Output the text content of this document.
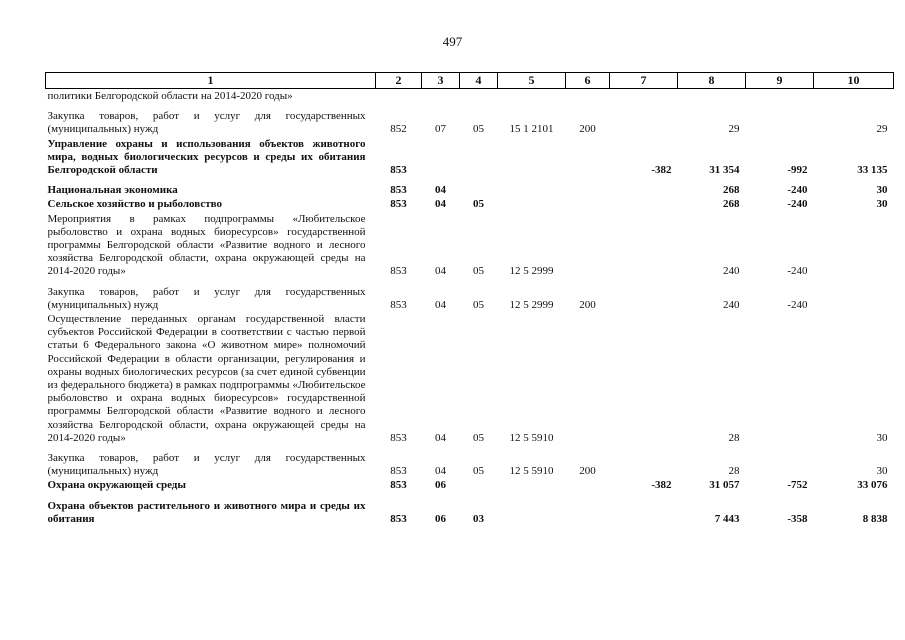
497
1	2	3	4	5	6	7	8	9	10
политики Белгородской области на 2014-2020 годы»									
Закупка товаров, работ и услуг для государственных (муниципальных) нужд	852	07	05	15 1 2101	200		29		29
Управление охраны и использования объектов животного мира, водных биологических ресурсов и среды их обитания Белгородской области	853					-382	31 354	-992	33 135
Национальная экономика	853	04					268	-240	30
Сельское хозяйство и рыболовство	853	04	05				268	-240	30
Мероприятия в рамках подпрограммы «Любительское рыболовство и охрана водных биоресурсов» государственной программы Белгородской области «Развитие водного и лесного хозяйства Белгородской области, охрана окружающей среды на 2014-2020 годы»	853	04	05	12 5 2999			240	-240	
Закупка товаров, работ и услуг для государственных (муниципальных) нужд	853	04	05	12 5 2999	200		240	-240	
Осуществление переданных органам государственной власти субъектов Российской Федерации в соответствии с частью первой статьи 6 Федерального закона «О животном мире» полномочий Российской Федерации в области организации, регулирования и охраны водных биологических ресурсов (за счет единой субвенции из федерального бюджета) в рамках подпрограммы «Любительское рыболовство и охрана водных биоресурсов» государственной программы Белгородской области «Развитие водного и лесного хозяйства Белгородской области, охрана окружающей среды на 2014-2020 годы»	853	04	05	12 5 5910			28		30
Закупка товаров, работ и услуг для государственных (муниципальных) нужд	853	04	05	12 5 5910	200		28		30
Охрана окружающей среды	853	06				-382	31 057	-752	33 076
Охрана объектов растительного и животного мира и среды их обитания	853	06	03				7 443	-358	8 838
